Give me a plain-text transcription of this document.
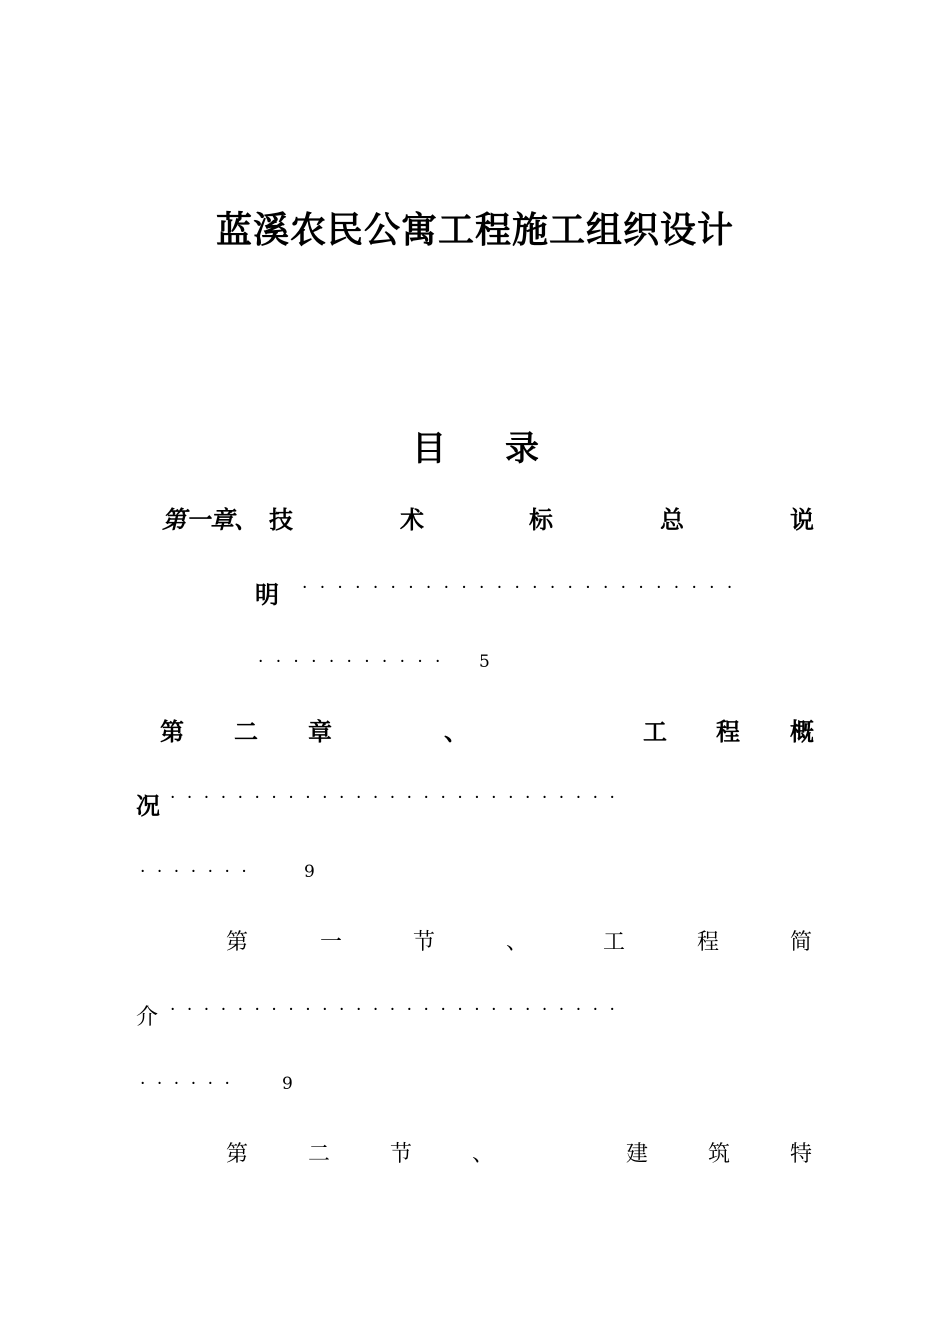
蓝溪农民公寓工程施工组织设计
目 录
第一章、 技	术	标	总	说
明 ·························
··········· 5
第 二 章	、	工 程 概
况 ···························
·······	9
第	一	节	、	工	程	简
介 ···························
······ 9
第	二	节	、	建	筑	特
